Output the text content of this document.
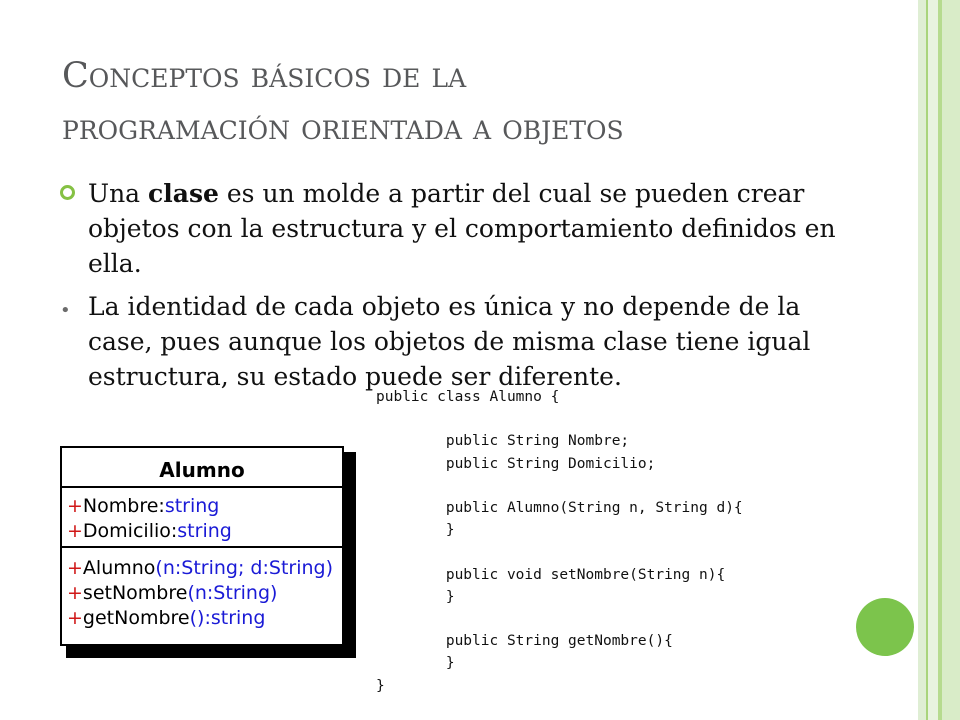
Conceptos básicos de la
programación orientada a objetos
Una clase es un molde a partir del cual se pueden crear objetos con la estructura y el comportamiento definidos en ella.
• La identidad de cada objeto es única y no depende de la case, pues aunque los objetos de misma clase tiene igual estructura, su estado puede ser diferente.
Alumno
+Nombre:string
+Domicilio:string
+Alumno(n:String; d:String)
+setNombre(n:String)
+getNombre():string
public class Alumno {

public String Nombre;
public String Domicilio;

public Alumno(String n, String d){
}

public void setNombre(String n){
}

public String getNombre(){
}
}
